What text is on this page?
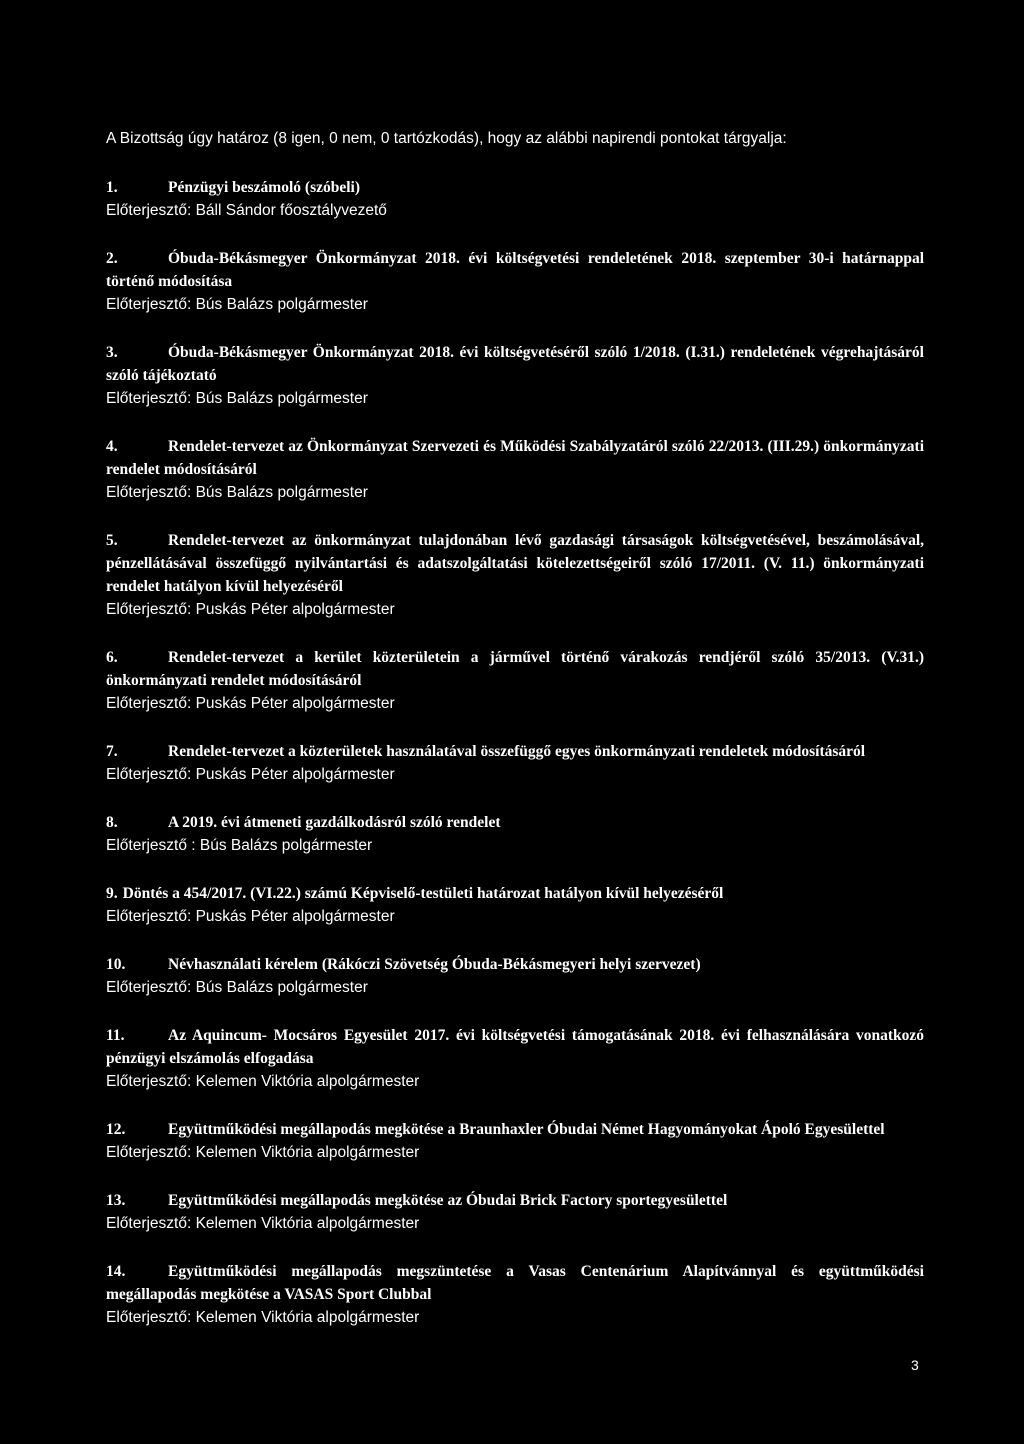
A Bizottság úgy határoz (8 igen, 0 nem, 0 tartózkodás), hogy az alábbi napirendi pontokat tárgyalja:

1.	Pénzügyi beszámoló (szóbeli)
Előterjesztő: Báll Sándor főosztályvezető
2.	Óbuda-Békásmegyer Önkormányzat 2018. évi költségvetési rendeletének 2018. szeptember 30-i határnappal történő módosítása
Előterjesztő: Bús Balázs polgármester
3.	Óbuda-Békásmegyer Önkormányzat 2018. évi költségvetéséről szóló 1/2018. (I.31.) rendeletének végrehajtásáról szóló tájékoztató
Előterjesztő: Bús Balázs polgármester
4.	Rendelet-tervezet az Önkormányzat Szervezeti és Működési Szabályzatáról szóló 22/2013. (III.29.) önkormányzati rendelet módosításáról
Előterjesztő: Bús Balázs polgármester
5.	Rendelet-tervezet az önkormányzat tulajdonában lévő gazdasági társaságok költségvetésével, beszámolásával, pénzellátásával összefüggő nyilvántartási és adatszolgáltatási kötelezettségeiről szóló 17/2011. (V. 11.) önkormányzati rendelet hatályon kívül helyezéséről
Előterjesztő: Puskás Péter alpolgármester
6.	Rendelet-tervezet a kerület közterületein a járművel történő várakozás rendjéről szóló 35/2013. (V.31.) önkormányzati rendelet módosításáról
Előterjesztő: Puskás Péter alpolgármester
7.	Rendelet-tervezet a közterületek használatával összefüggő egyes önkormányzati rendeletek módosításáról
Előterjesztő: Puskás Péter alpolgármester
8.	A 2019. évi átmeneti gazdálkodásról szóló rendelet
Előterjesztő : Bús Balázs polgármester
9. Döntés a 454/2017. (VI.22.) számú Képviselő-testületi határozat hatályon kívül helyezéséről
Előterjesztő: Puskás Péter alpolgármester
10.	Névhasználati kérelem (Rákóczi Szövetség Óbuda-Békásmegyeri helyi szervezet)
Előterjesztő: Bús Balázs polgármester
11.	Az Aquincum- Mocsáros Egyesület 2017. évi költségvetési támogatásának 2018. évi felhasználására vonatkozó pénzügyi elszámolás elfogadása
Előterjesztő: Kelemen Viktória alpolgármester
12.	Együttműködési megállapodás megkötése a Braunhaxler Óbudai Német Hagyományokat Ápoló Egyesülettel
Előterjesztő: Kelemen Viktória alpolgármester
13.	Együttműködési megállapodás megkötése az Óbudai Brick Factory sportegyesülettel
Előterjesztő: Kelemen Viktória alpolgármester
14.	Együttműködési megállapodás megszüntetése a Vasas Centenárium Alapítvánnyal és együttműködési megállapodás megkötése a VASAS Sport Clubbal
Előterjesztő: Kelemen Viktória alpolgármester
3
